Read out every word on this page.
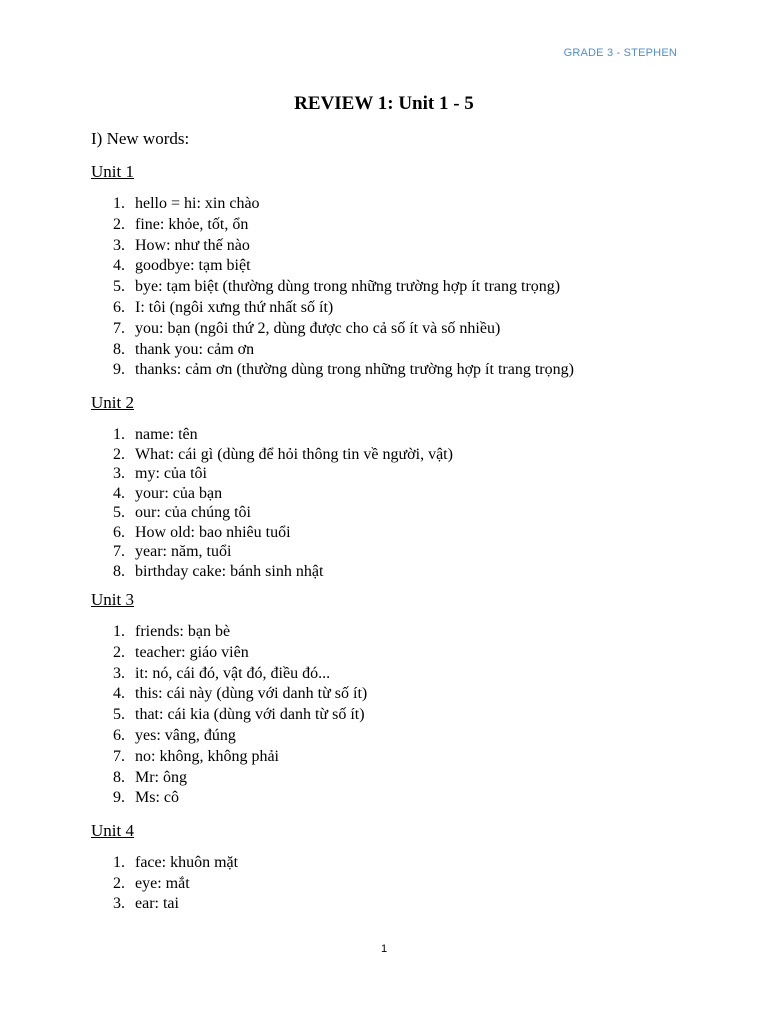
GRADE 3 - STEPHEN
REVIEW 1: Unit 1 - 5
I) New words:
Unit 1
1. hello = hi: xin chào
2. fine: khỏe, tốt, ổn
3. How: như thế nào
4. goodbye: tạm biệt
5. bye: tạm biệt (thường dùng trong những trường hợp ít trang trọng)
6. I: tôi (ngôi xưng thứ nhất số ít)
7. you: bạn (ngôi thứ 2, dùng được cho cả số ít và số nhiều)
8. thank you: cảm ơn
9. thanks: cảm ơn (thường dùng trong những trường hợp ít trang trọng)
Unit 2
1. name: tên
2. What: cái gì (dùng để hỏi thông tin về người, vật)
3. my: của tôi
4. your: của bạn
5. our: của chúng tôi
6. How old: bao nhiêu tuổi
7. year: năm, tuổi
8. birthday cake: bánh sinh nhật
Unit 3
1. friends: bạn bè
2. teacher: giáo viên
3. it: nó, cái đó, vật đó, điều đó...
4. this: cái này (dùng với danh từ số ít)
5. that: cái kia (dùng với danh từ số ít)
6. yes: vâng, đúng
7. no: không, không phải
8. Mr: ông
9. Ms: cô
Unit 4
1. face: khuôn mặt
2. eye: mắt
3. ear: tai
1
